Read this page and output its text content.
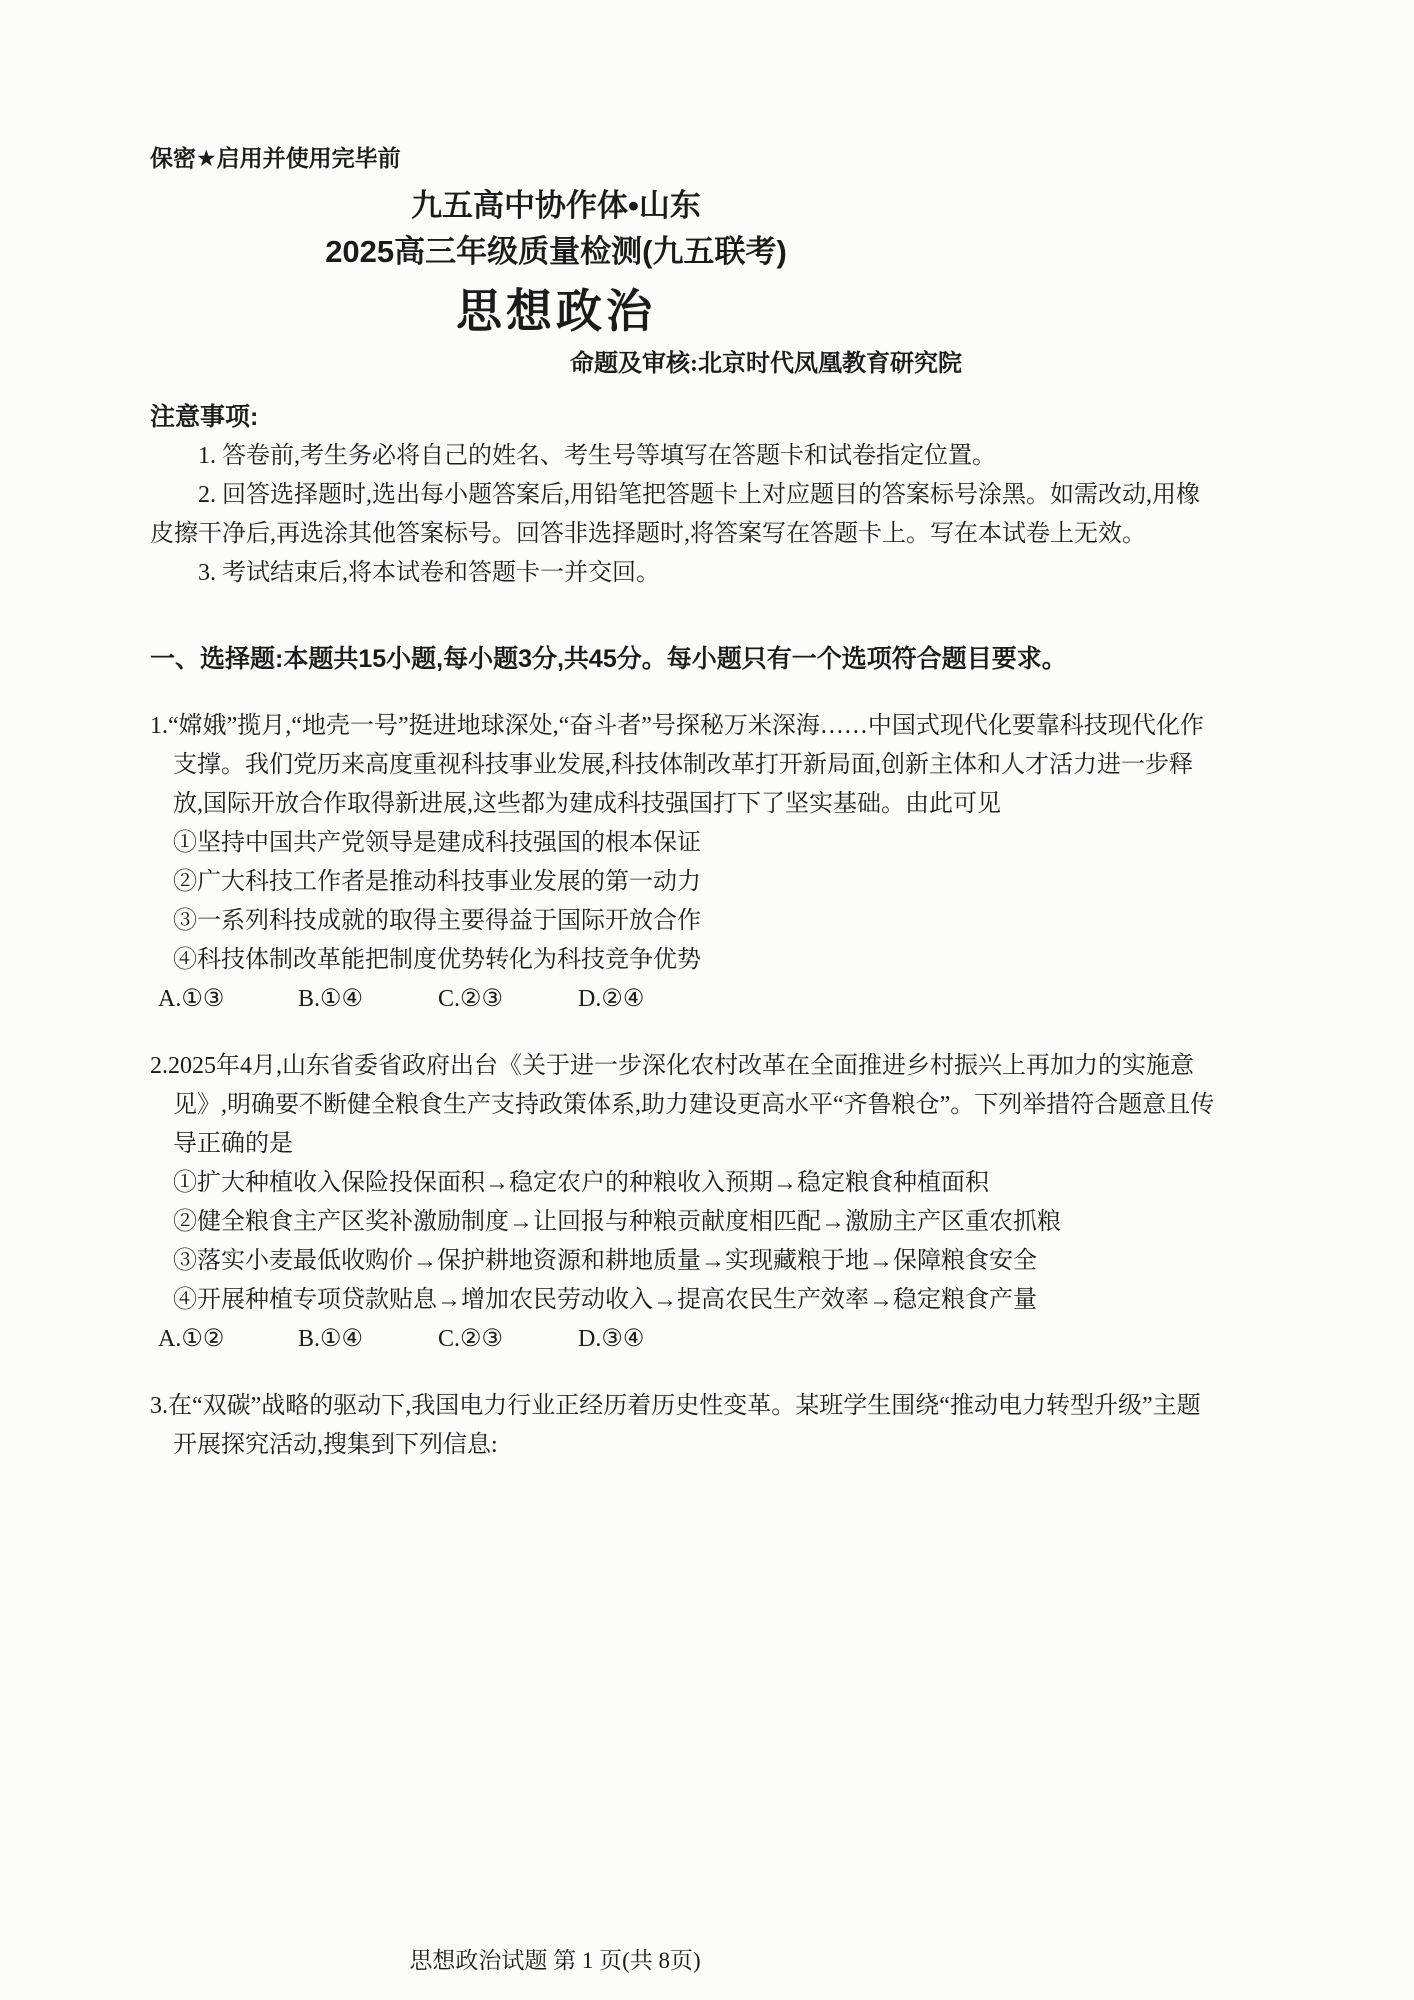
保密★启用并使用完毕前
九五高中协作体•山东
2025高三年级质量检测(九五联考)
思想政治
命题及审核:北京时代凤凰教育研究院
注意事项:

1. 答卷前,考生务必将自己的姓名、考生号等填写在答题卡和试卷指定位置。

2. 回答选择题时,选出每小题答案后,用铅笔把答题卡上对应题目的答案标号涂黑。如需改动,用橡皮擦干净后,再选涂其他答案标号。回答非选择题时,将答案写在答题卡上。写在本试卷上无效。

3. 考试结束后,将本试卷和答题卡一并交回。

一、选择题:本题共15小题,每小题3分,共45分。每小题只有一个选项符合题目要求。

1.“嫦娥”揽月,“地壳一号”挺进地球深处,“奋斗者”号探秘万米深海……中国式现代化要靠科技现代化作支撑。我们党历来高度重视科技事业发展,科技体制改革打开新局面,创新主体和人才活力进一步释放,国际开放合作取得新进展,这些都为建成科技强国打下了坚实基础。由此可见

①坚持中国共产党领导是建成科技强国的根本保证

②广大科技工作者是推动科技事业发展的第一动力

③一系列科技成就的取得主要得益于国际开放合作

④科技体制改革能把制度优势转化为科技竞争优势

A.①③	B.①④	C.②③	D.②④

2.2025年4月,山东省委省政府出台《关于进一步深化农村改革在全面推进乡村振兴上再加力的实施意见》,明确要不断健全粮食生产支持政策体系,助力建设更高水平“齐鲁粮仓”。下列举措符合题意且传导正确的是

①扩大种植收入保险投保面积→稳定农户的种粮收入预期→稳定粮食种植面积

②健全粮食主产区奖补激励制度→让回报与种粮贡献度相匹配→激励主产区重农抓粮

③落实小麦最低收购价→保护耕地资源和耕地质量→实现藏粮于地→保障粮食安全

④开展种植专项贷款贴息→增加农民劳动收入→提高农民生产效率→稳定粮食产量

A.①②	B.①④	C.②③	D.③④

3.在“双碳”战略的驱动下,我国电力行业正经历着历史性变革。某班学生围绕“推动电力转型升级”主题开展探究活动,搜集到下列信息:

思想政治试题 第 1 页(共 8页)
